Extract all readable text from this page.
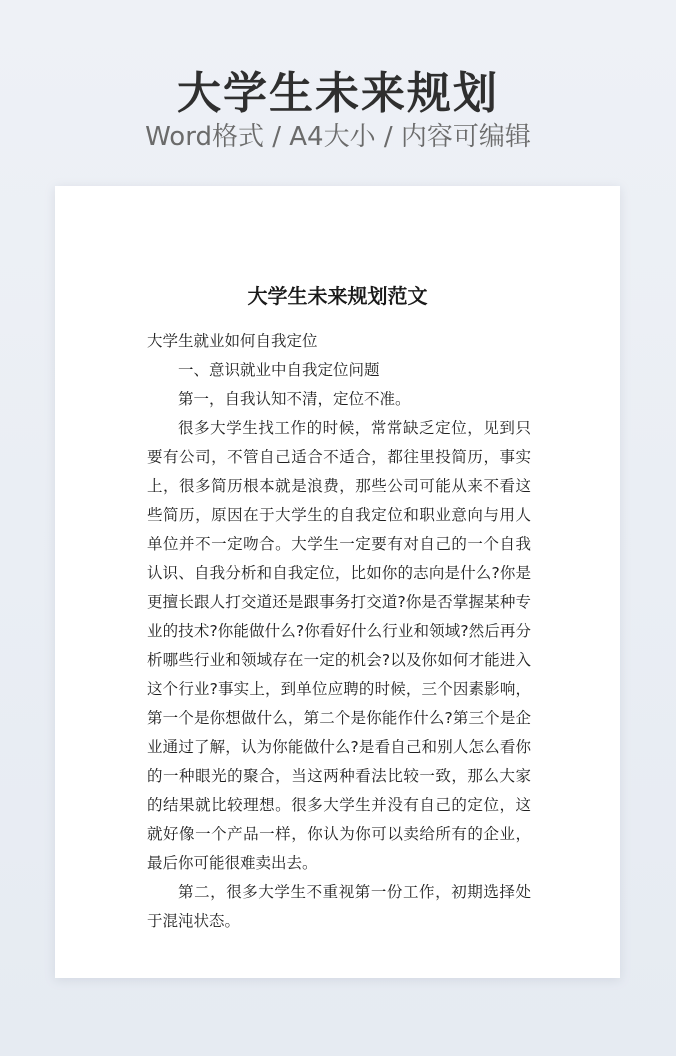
大学生未来规划
Word格式 / A4大小 / 内容可编辑
大学生未来规划范文

大学生就业如何自我定位

一、意识就业中自我定位问题

第一，自我认知不清，定位不准。

很多大学生找工作的时候，常常缺乏定位，见到只要有公司，不管自己适合不适合，都往里投简历，事实上，很多简历根本就是浪费，那些公司可能从来不看这些简历，原因在于大学生的自我定位和职业意向与用人单位并不一定吻合。大学生一定要有对自己的一个自我认识、自我分析和自我定位，比如你的志向是什么?你是更擅长跟人打交道还是跟事务打交道?你是否掌握某种专业的技术?你能做什么?你看好什么行业和领域?然后再分析哪些行业和领域存在一定的机会?以及你如何才能进入这个行业?事实上，到单位应聘的时候，三个因素影响，第一个是你想做什么，第二个是你能作什么?第三个是企业通过了解，认为你能做什么?是看自己和别人怎么看你的一种眼光的聚合，当这两种看法比较一致，那么大家的结果就比较理想。很多大学生并没有自己的定位，这就好像一个产品一样，你认为你可以卖给所有的企业，最后你可能很难卖出去。

第二，很多大学生不重视第一份工作，初期选择处于混沌状态。
